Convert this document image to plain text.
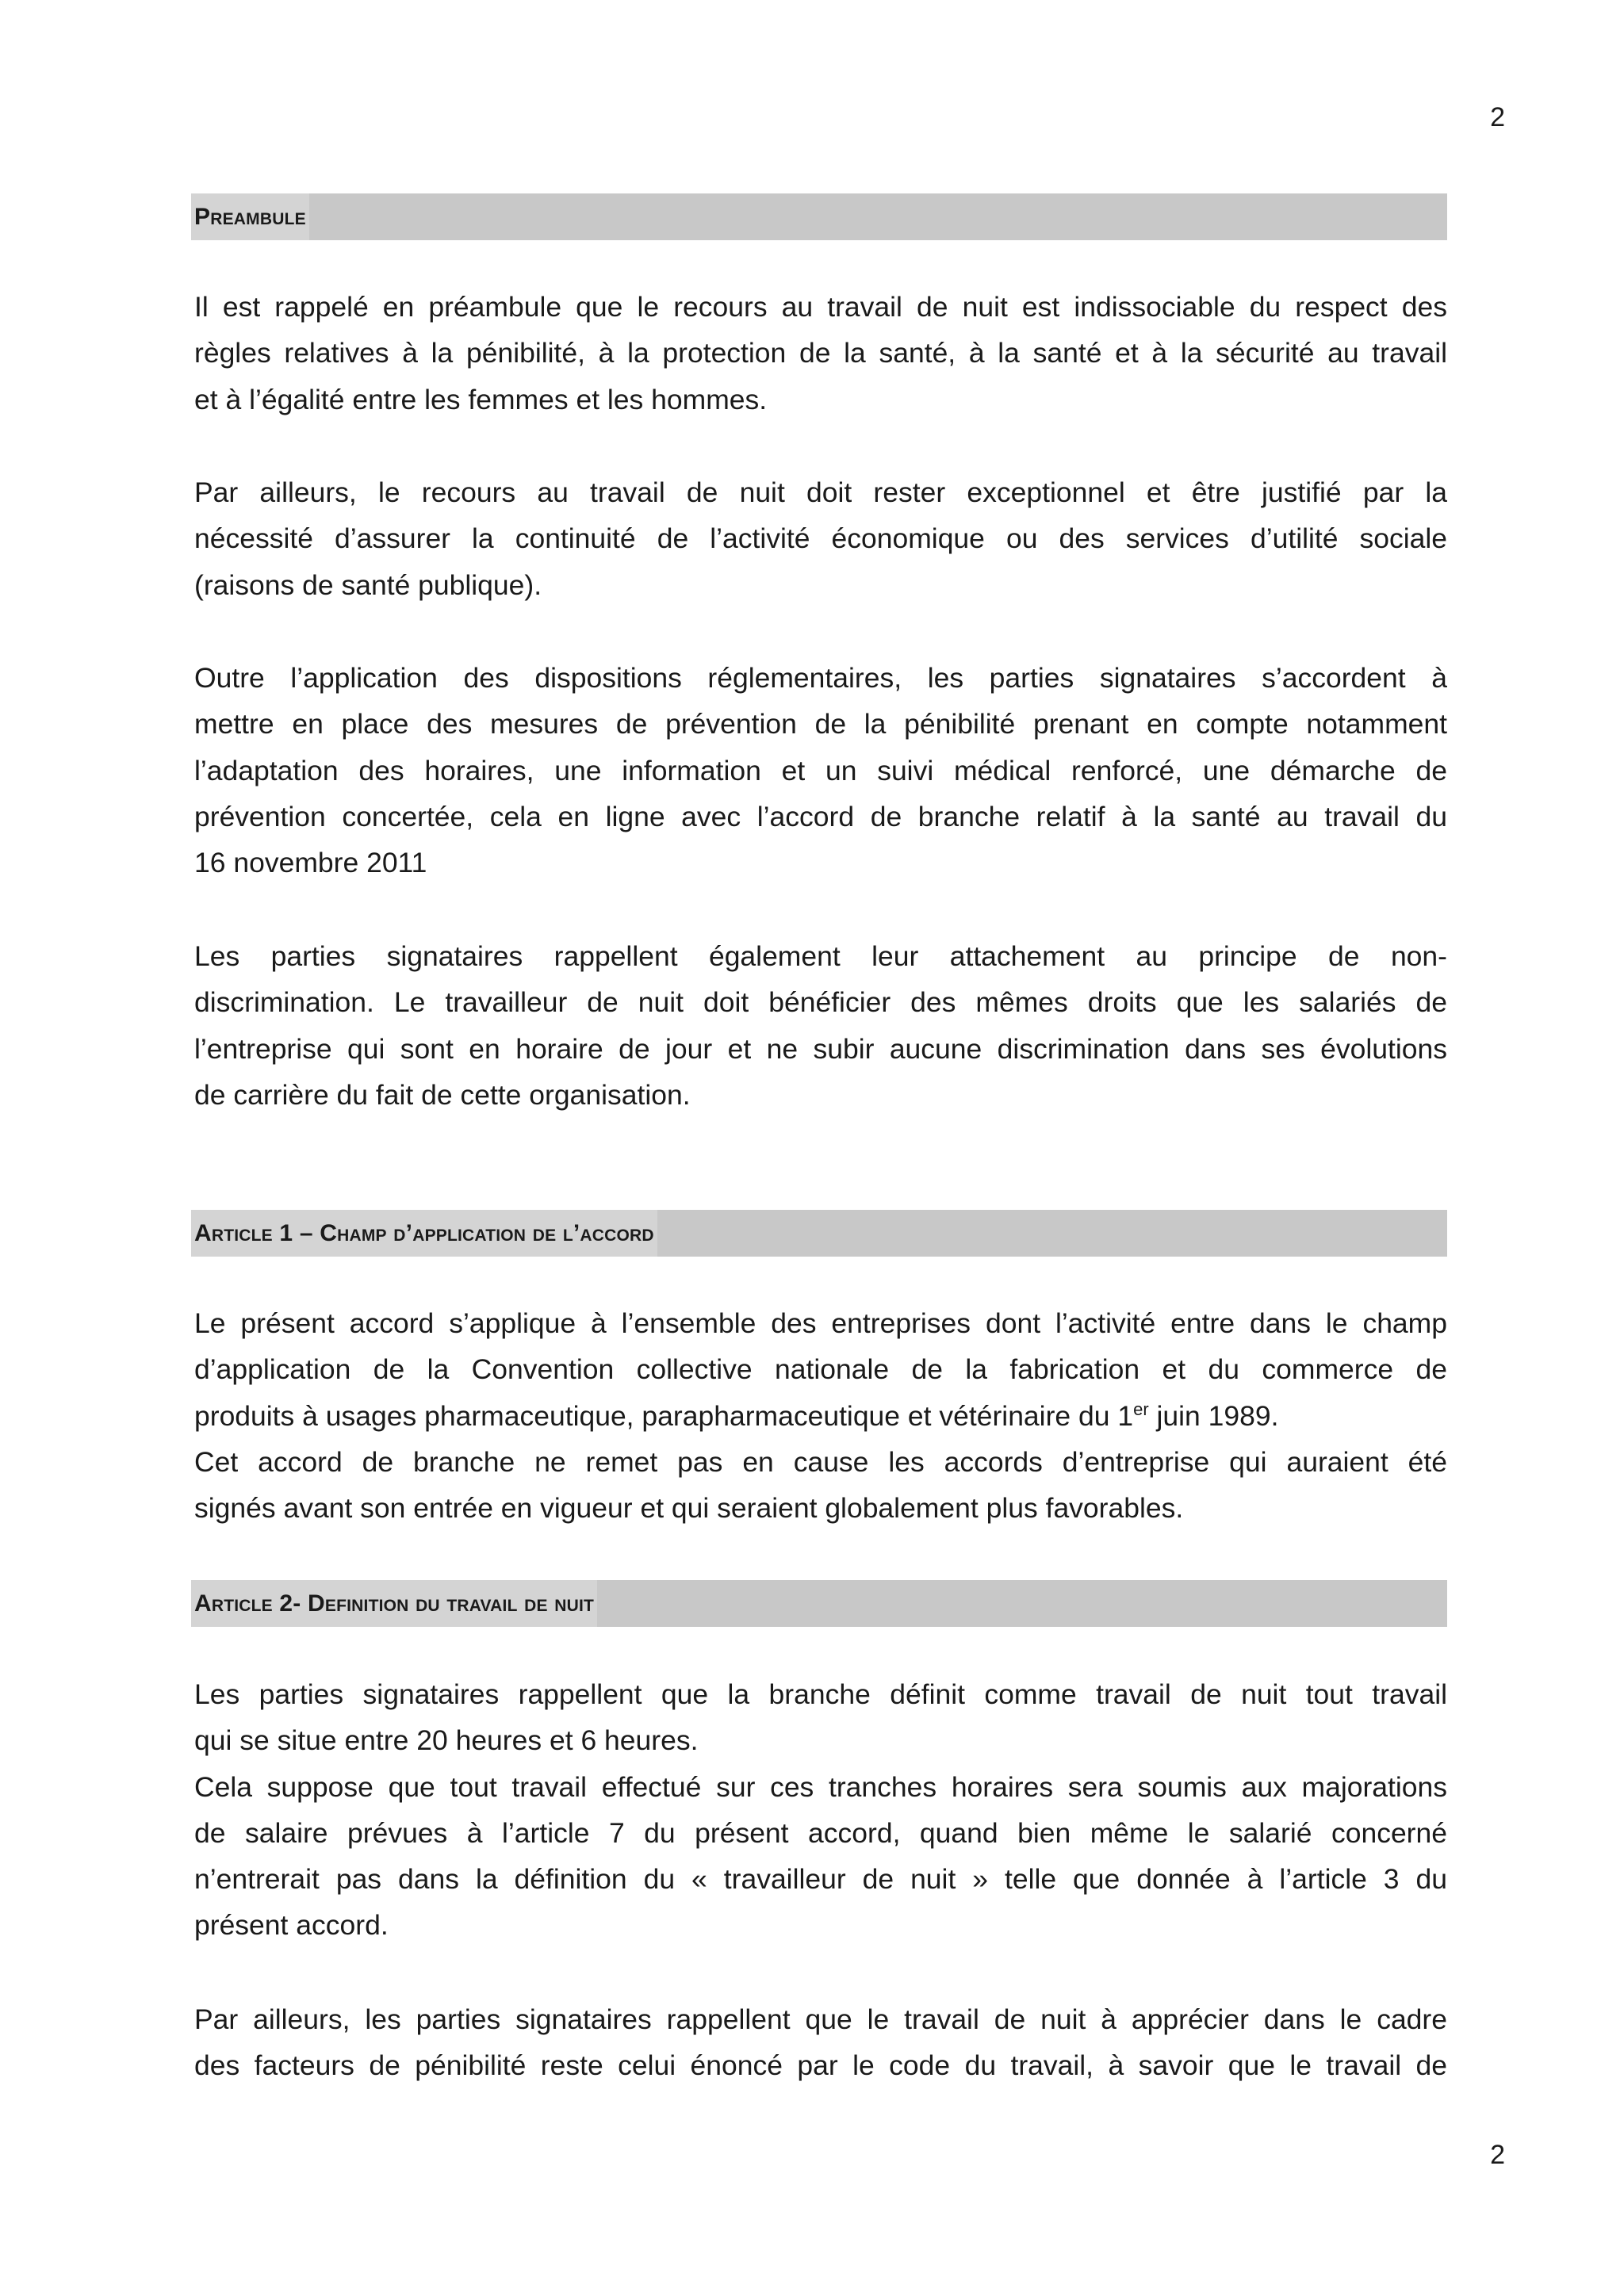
2
Preambule
Il est rappelé en préambule que le recours au travail de nuit est indissociable du respect des
règles relatives à la pénibilité, à la protection de la santé, à la santé et à la sécurité au travail
et à l’égalité entre les femmes et les hommes.
Par ailleurs, le recours au travail de nuit doit rester exceptionnel et être justifié par la
nécessité d’assurer la continuité de l’activité économique ou des services d’utilité sociale
(raisons de santé publique).
Outre l’application des dispositions réglementaires, les parties signataires s’accordent à
mettre en place des mesures de prévention de la pénibilité prenant en compte notamment
l’adaptation des horaires, une information et un suivi médical renforcé, une démarche de
prévention concertée, cela en ligne avec l’accord de branche relatif à la santé au travail du
16 novembre 2011
Les parties signataires rappellent également leur attachement au principe de non-
discrimination. Le travailleur de nuit doit bénéficier des mêmes droits que les salariés de
l’entreprise qui sont en horaire de jour et ne subir aucune discrimination dans ses évolutions
de carrière du fait de cette organisation.
Article 1 – Champ d’application de l’accord
Le présent accord s’applique à l’ensemble des entreprises dont l’activité entre dans le champ
d’application de la Convention collective nationale de la fabrication et du commerce de
produits à usages pharmaceutique, parapharmaceutique et vétérinaire du 1er juin 1989.
Cet accord de branche ne remet pas en cause les accords d’entreprise qui auraient été
signés avant son entrée en vigueur et qui seraient globalement plus favorables.
Article 2- Definition du travail de nuit
Les parties signataires rappellent que la branche définit comme travail de nuit tout travail
qui se situe entre 20 heures et 6 heures.
Cela suppose que tout travail effectué sur ces tranches horaires sera soumis aux majorations
de salaire prévues à l’article 7 du présent accord, quand bien même le salarié concerné
n’entrerait pas dans la définition du « travailleur de nuit » telle que donnée à l’article 3 du
présent accord.
Par ailleurs, les parties signataires rappellent que le travail de nuit à apprécier dans le cadre
des facteurs de pénibilité reste celui énoncé par le code du travail, à savoir que le travail de
2
